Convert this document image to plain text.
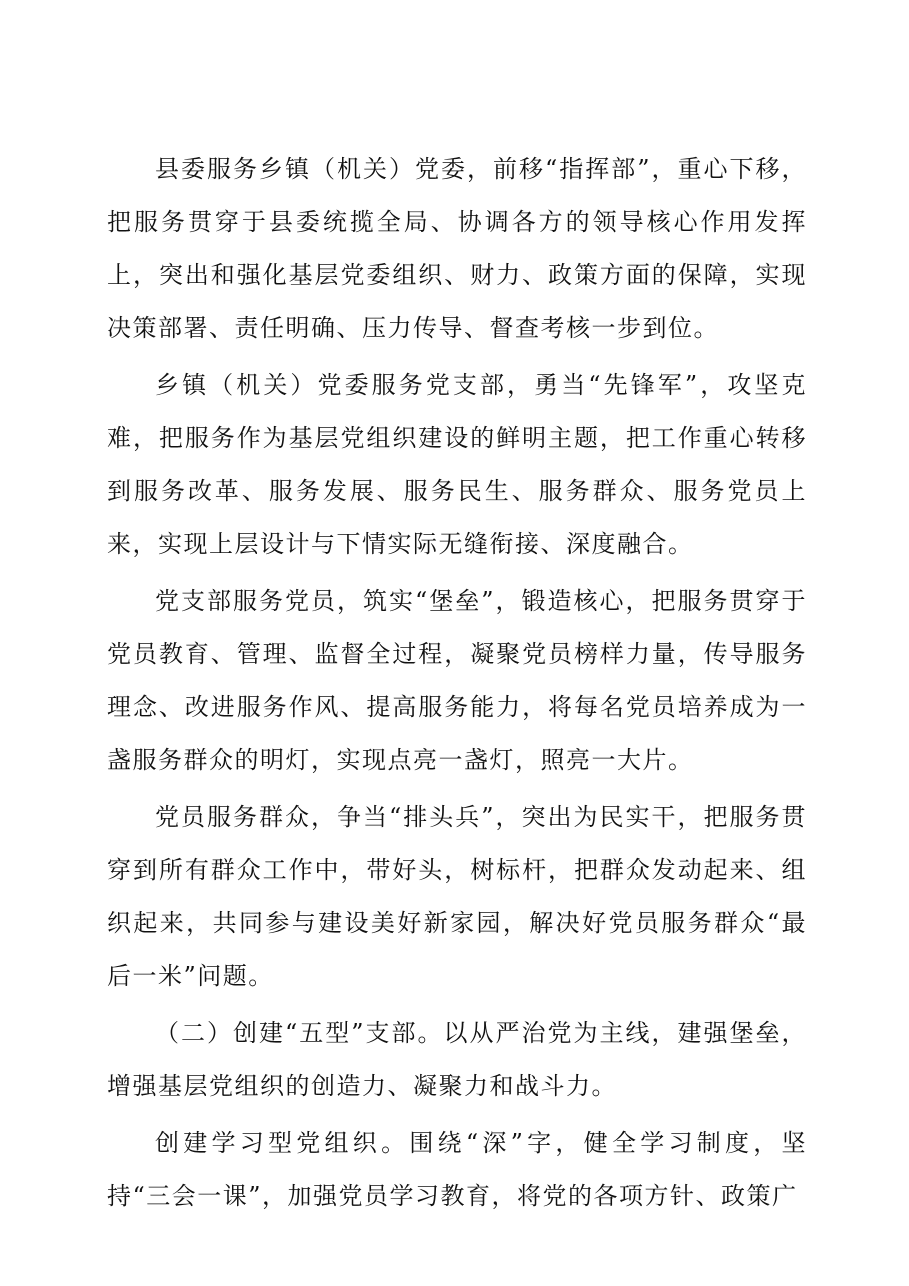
县委服务乡镇（机关）党委，前移“指挥部”，重心下移，把服务贯穿于县委统揽全局、协调各方的领导核心作用发挥上，突出和强化基层党委组织、财力、政策方面的保障，实现决策部署、责任明确、压力传导、督查考核一步到位。

乡镇（机关）党委服务党支部，勇当“先锋军”，攻坚克难，把服务作为基层党组织建设的鲜明主题，把工作重心转移到服务改革、服务发展、服务民生、服务群众、服务党员上来，实现上层设计与下情实际无缝衔接、深度融合。

党支部服务党员，筑实“堡垒”，锻造核心，把服务贯穿于党员教育、管理、监督全过程，凝聚党员榜样力量，传导服务理念、改进服务作风、提高服务能力，将每名党员培养成为一盏服务群众的明灯，实现点亮一盏灯，照亮一大片。

党员服务群众，争当“排头兵”，突出为民实干，把服务贯穿到所有群众工作中，带好头，树标杆，把群众发动起来、组织起来，共同参与建设美好新家园，解决好党员服务群众“最后一米”问题。

（二）创建“五型”支部。以从严治党为主线，建强堡垒，增强基层党组织的创造力、凝聚力和战斗力。

创建学习型党组织。围绕“深”字，健全学习制度，坚持“三会一课”，加强党员学习教育，将党的各项方针、政策广
